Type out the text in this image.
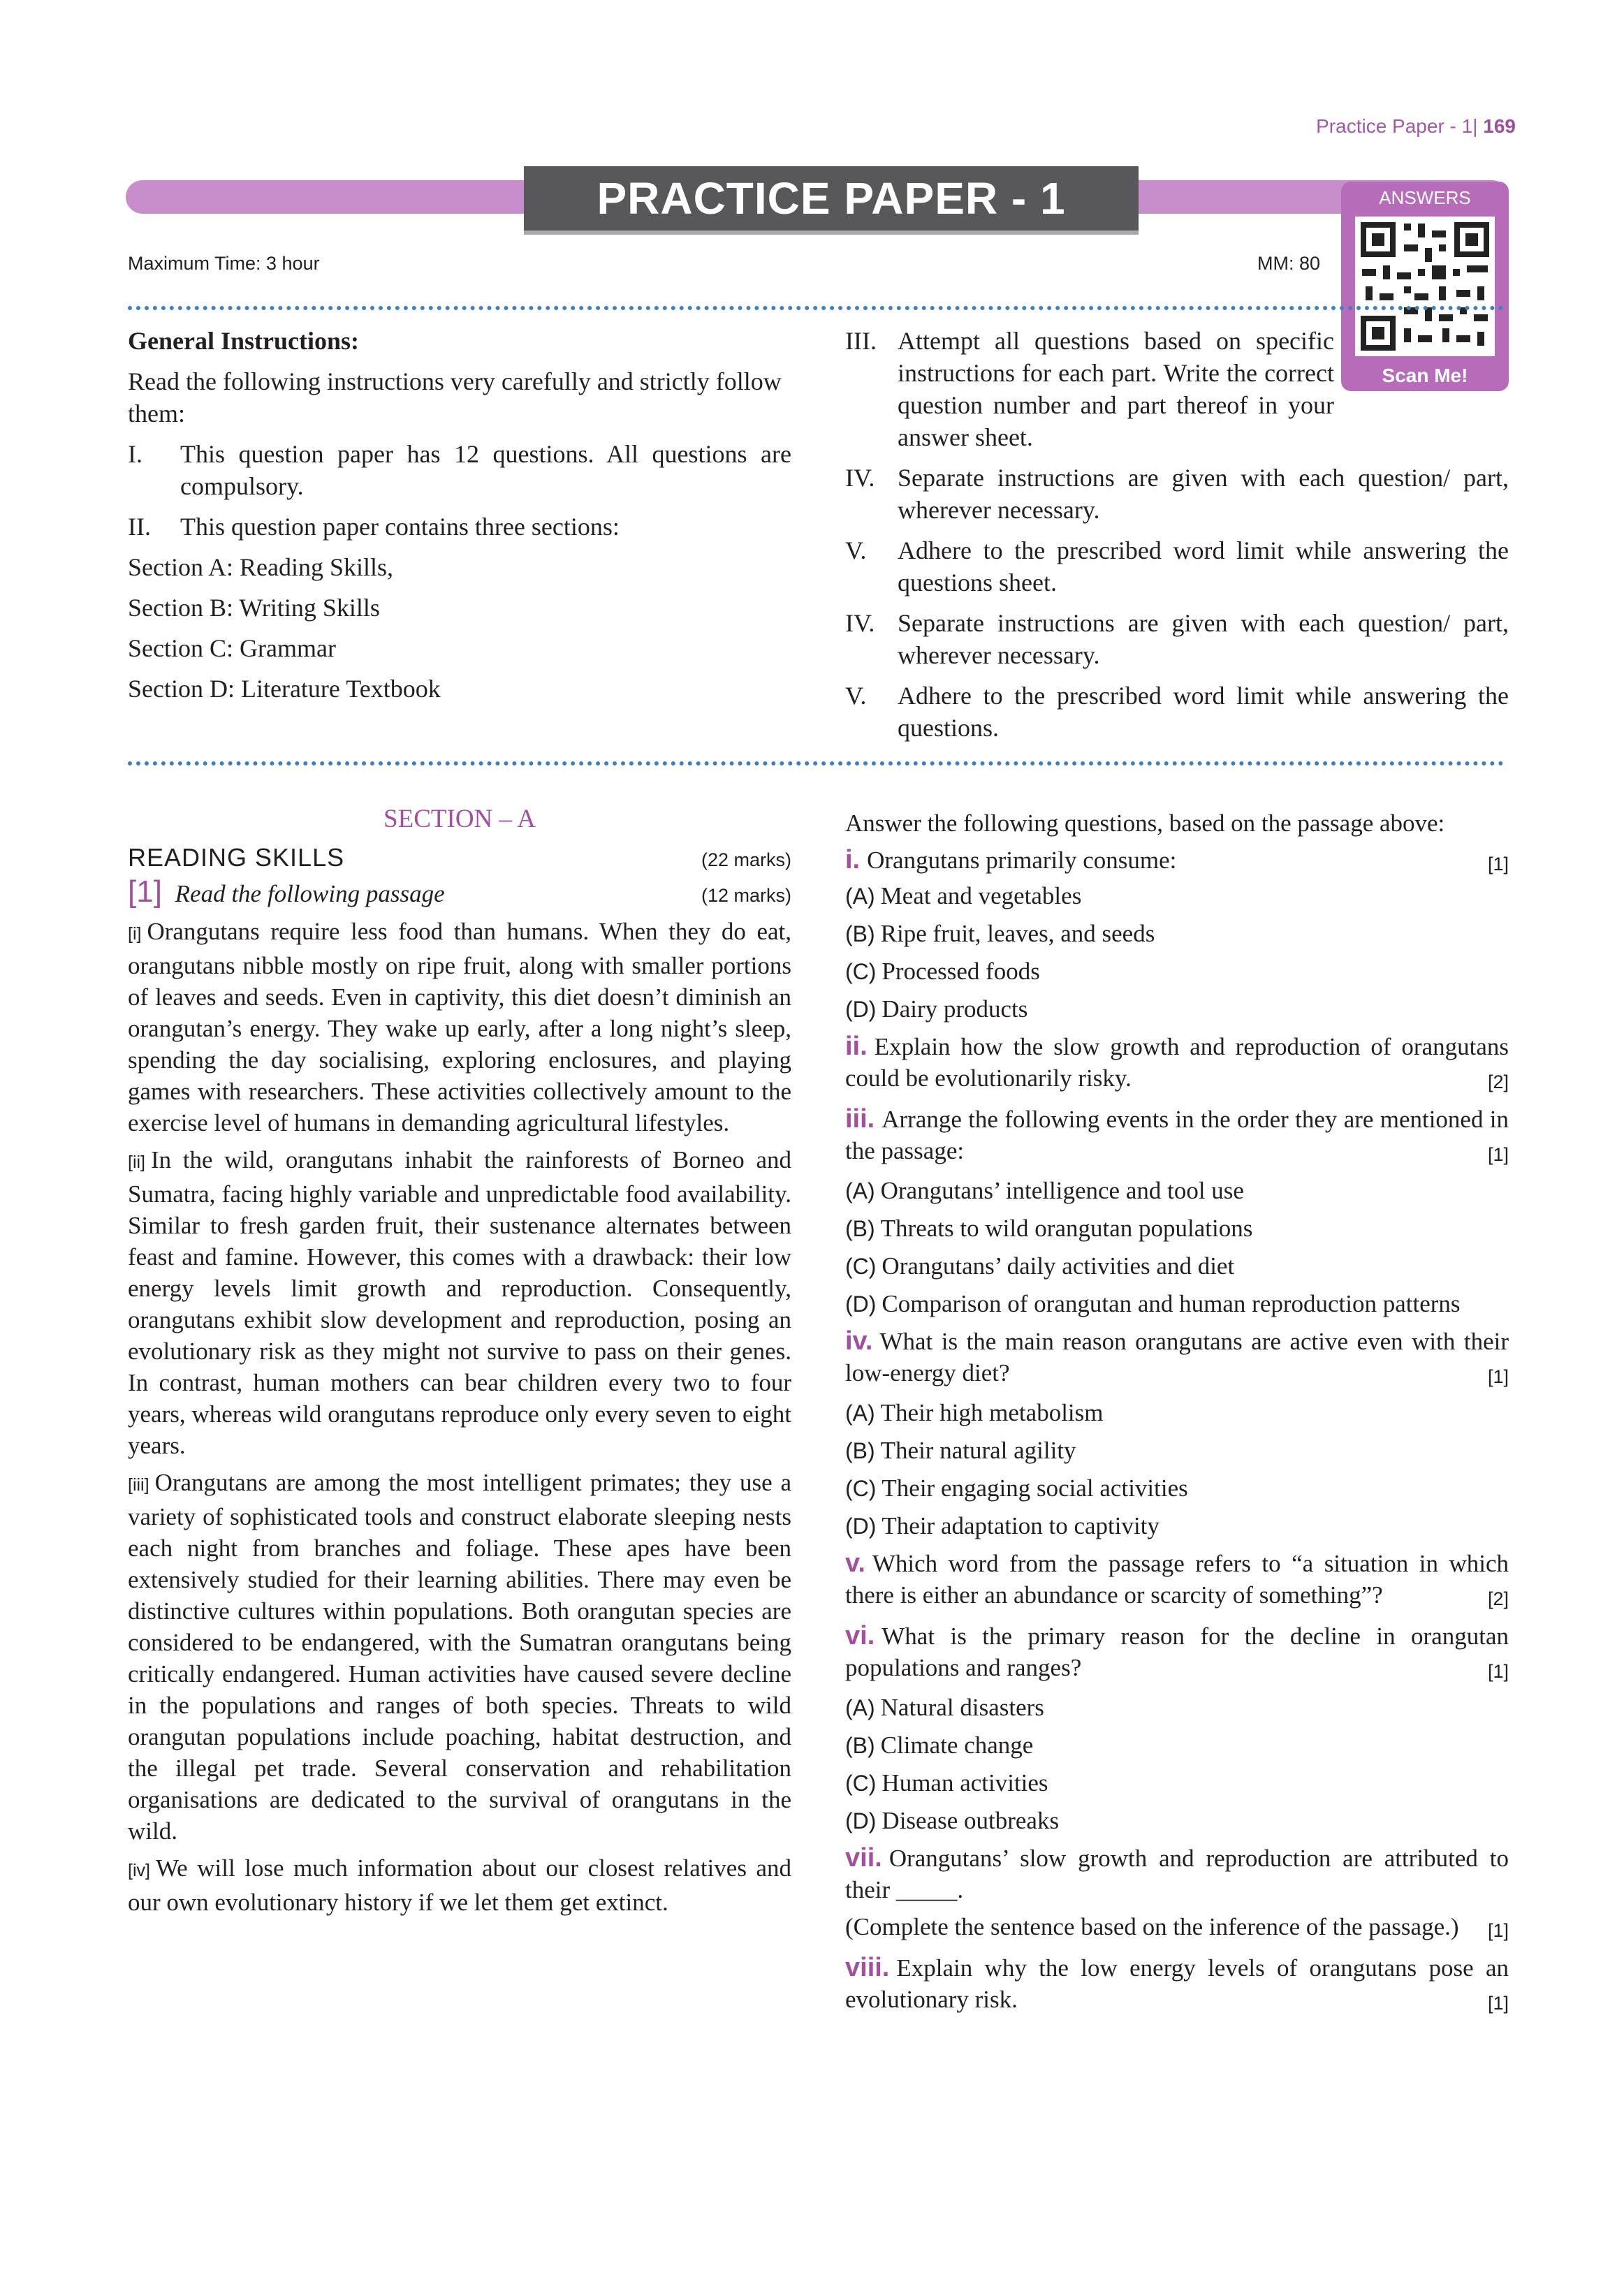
Practice Paper - 1| 169
PRACTICE PAPER - 1	ANSWERS
Scan Me!
Maximum Time: 3 hour	MM: 80
General Instructions:
Read the following instructions very carefully and strictly follow them:
I.	This question paper has 12 questions. All questions are compulsory.
II.	This question paper contains three sections:
Section A: Reading Skills,
Section B: Writing Skills
Section C: Grammar
Section D: Literature Textbook
III. Attempt all questions based on specific instructions for each part. Write the correct question number and part thereof in your answer sheet.
IV. Separate instructions are given with each question/ part, wherever necessary.
V.	Adhere to the prescribed word limit while answering the questions sheet.
IV. Separate instructions are given with each question/ part, wherever necessary.
V.	Adhere to the prescribed word limit while answering the questions.
SECTION – A
READING SKILLS	(22 marks)
[1] Read the following passage	(12 marks)
[i] Orangutans require less food than humans. When they do eat, orangutans nibble mostly on ripe fruit, along with smaller portions of leaves and seeds. Even in captivity, this diet doesn’t diminish an orangutan’s energy. They wake up early, after a long night’s sleep, spending the day socialising, exploring enclosures, and playing games with researchers. These activities collectively amount to the exercise level of humans in demanding agricultural lifestyles.
[ii] In the wild, orangutans inhabit the rainforests of Borneo and Sumatra, facing highly variable and unpredictable food availability. Similar to fresh garden fruit, their sustenance alternates between feast and famine. However, this comes with a drawback: their low energy levels limit growth and reproduction. Consequently, orangutans exhibit slow development and reproduction, posing an evolutionary risk as they might not survive to pass on their genes. In contrast, human mothers can bear children every two to four years, whereas wild orangutans reproduce only every seven to eight years.
[iii] Orangutans are among the most intelligent primates; they use a variety of sophisticated tools and construct elaborate sleeping nests each night from branches and foliage. These apes have been extensively studied for their learning abilities. There may even be distinctive cultures within populations. Both orangutan species are considered to be endangered, with the Sumatran orangutans being critically endangered. Human activities have caused severe decline in the populations and ranges of both species. Threats to wild orangutan populations include poaching, habitat destruction, and the illegal pet trade. Several conservation and rehabilitation organisations are dedicated to the survival of orangutans in the wild.
[iv] We will lose much information about our closest relatives and our own evolutionary history if we let them get extinct.
Answer the following questions, based on the passage above:
[1]
i. Orangutans primarily consume:
(A) Meat and vegetables
(B) Ripe fruit, leaves, and seeds
(C) Processed foods
(D) Dairy products
ii. Explain how the slow growth and reproduction of orangutans could be evolutionarily risky.	[2]
iii. Arrange the following events in the order they are mentioned in the passage:	[1]
(A) Orangutans’ intelligence and tool use
(B) Threats to wild orangutan populations
(C) Orangutans’ daily activities and diet
(D) Comparison of orangutan and human reproduction patterns
iv. What is the main reason orangutans are active even with their low-energy diet?	[1]
(A) Their high metabolism
(B) Their natural agility
(C) Their engaging social activities
(D) Their adaptation to captivity
v. Which word from the passage refers to “a situation in which there is either an abundance or scarcity of something”?	[2]
vi. What is the primary reason for the decline in orangutan populations and ranges?	[1]
(A) Natural disasters
(B) Climate change
(C) Human activities
(D) Disease outbreaks
vii. Orangutans’ slow growth and reproduction are attributed to their _____.
(Complete the sentence based on the inference of the passage.) [1]
viii. Explain why the low energy levels of orangutans pose an evolutionary risk.	[1]
